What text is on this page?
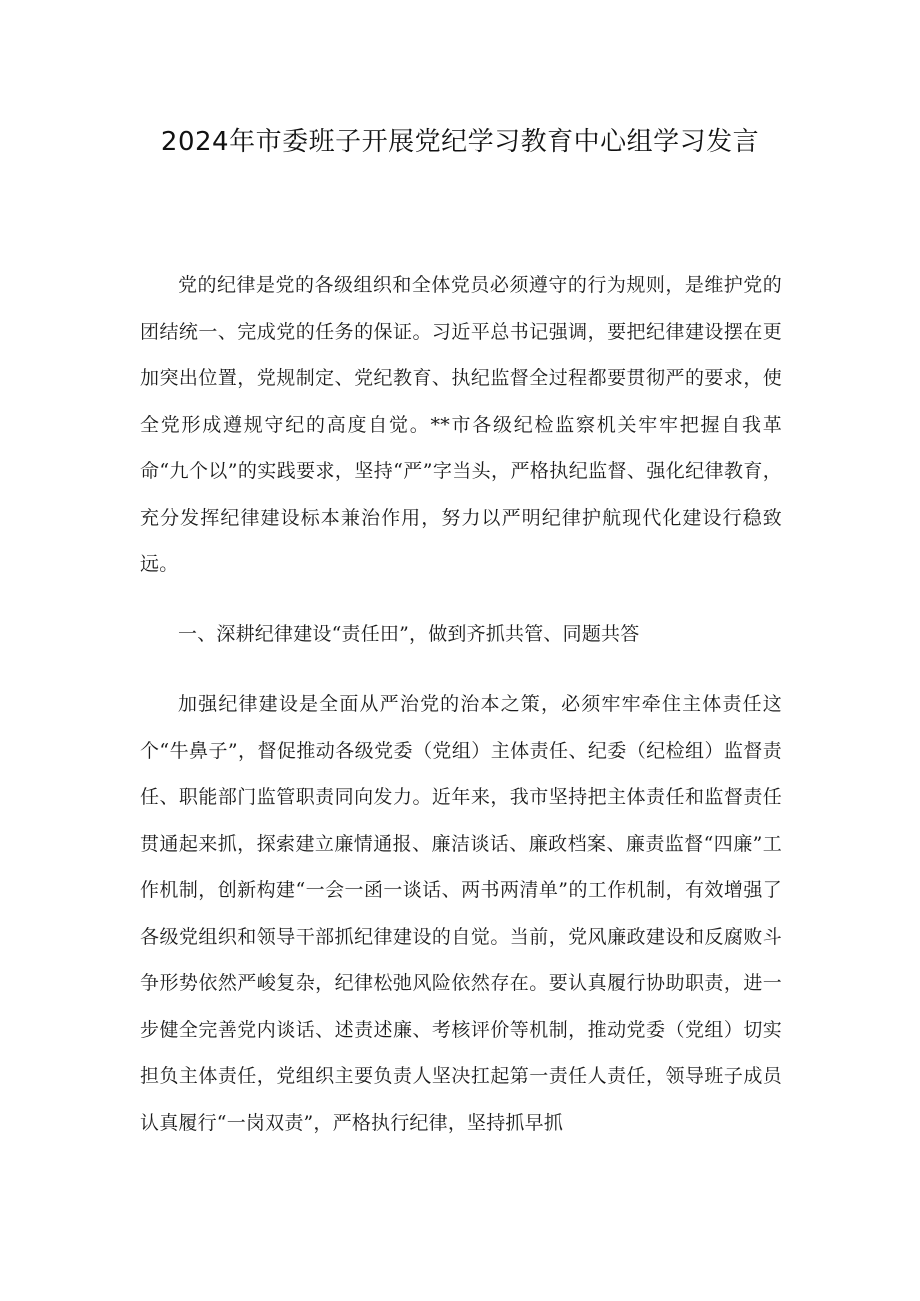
2024年市委班子开展党纪学习教育中心组学习发言

党的纪律是党的各级组织和全体党员必须遵守的行为规则，是维护党的团结统一、完成党的任务的保证。习近平总书记强调，要把纪律建设摆在更加突出位置，党规制定、党纪教育、执纪监督全过程都要贯彻严的要求，使全党形成遵规守纪的高度自觉。**市各级纪检监察机关牢牢把握自我革命“九个以”的实践要求，坚持“严”字当头，严格执纪监督、强化纪律教育，充分发挥纪律建设标本兼治作用，努力以严明纪律护航现代化建设行稳致远。

一、深耕纪律建设“责任田”，做到齐抓共管、同题共答

加强纪律建设是全面从严治党的治本之策，必须牢牢牵住主体责任这个“牛鼻子”，督促推动各级党委（党组）主体责任、纪委（纪检组）监督责任、职能部门监管职责同向发力。近年来，我市坚持把主体责任和监督责任贯通起来抓，探索建立廉情通报、廉洁谈话、廉政档案、廉责监督“四廉”工作机制，创新构建“一会一函一谈话、两书两清单”的工作机制，有效增强了各级党组织和领导干部抓纪律建设的自觉。当前，党风廉政建设和反腐败斗争形势依然严峻复杂，纪律松弛风险依然存在。要认真履行协助职责，进一步健全完善党内谈话、述责述廉、考核评价等机制，推动党委（党组）切实担负主体责任，党组织主要负责人坚决扛起第一责任人责任，领导班子成员认真履行“一岗双责”，严格执行纪律，坚持抓早抓
